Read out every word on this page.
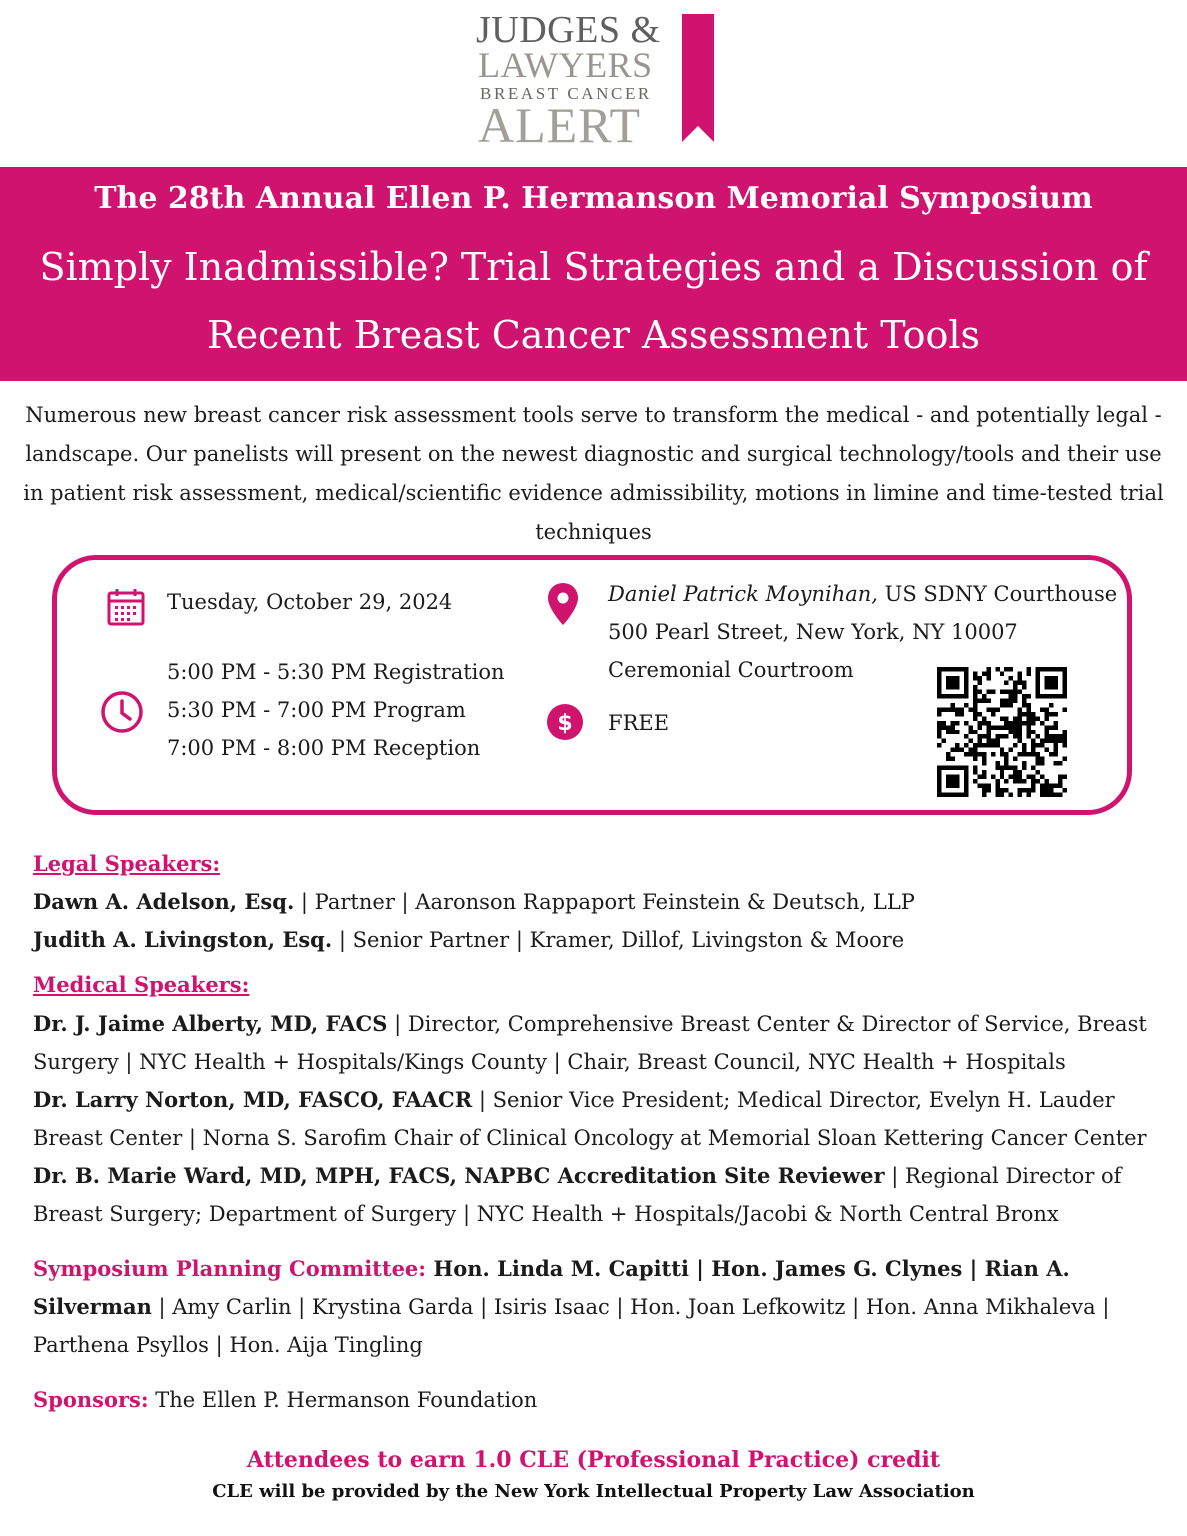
JUDGES &
LAWYERS
BREAST CANCER
ALERT
The 28th Annual Ellen P. Hermanson Memorial Symposium
Simply Inadmissible? Trial Strategies and a Discussion of
Recent Breast Cancer Assessment Tools
Numerous new breast cancer risk assessment tools serve to transform the medical - and potentially legal - landscape. Our panelists will present on the newest diagnostic and surgical technology/tools and their use in patient risk assessment, medical/scientific evidence admissibility, motions in limine and time-tested trial techniques
Tuesday, October 29, 2024
5:00 PM - 5:30 PM Registration
5:30 PM - 7:00 PM Program
7:00 PM - 8:00 PM Reception
Daniel Patrick Moynihan, US SDNY Courthouse
500 Pearl Street, New York, NY 10007
Ceremonial Courtroom
$ FREE
Legal Speakers:
Dawn A. Adelson, Esq. | Partner | Aaronson Rappaport Feinstein & Deutsch, LLP
Judith A. Livingston, Esq. | Senior Partner | Kramer, Dillof, Livingston & Moore
Medical Speakers:
Dr. J. Jaime Alberty, MD, FACS | Director, Comprehensive Breast Center & Director of Service, Breast Surgery | NYC Health + Hospitals/Kings County | Chair, Breast Council, NYC Health + Hospitals
Dr. Larry Norton, MD, FASCO, FAACR | Senior Vice President; Medical Director, Evelyn H. Lauder Breast Center | Norna S. Sarofim Chair of Clinical Oncology at Memorial Sloan Kettering Cancer Center
Dr. B. Marie Ward, MD, MPH, FACS, NAPBC Accreditation Site Reviewer | Regional Director of Breast Surgery; Department of Surgery | NYC Health + Hospitals/Jacobi & North Central Bronx
Symposium Planning Committee: Hon. Linda M. Capitti | Hon. James G. Clynes | Rian A. Silverman | Amy Carlin | Krystina Garda | Isiris Isaac | Hon. Joan Lefkowitz | Hon. Anna Mikhaleva | Parthena Psyllos | Hon. Aija Tingling
Sponsors: The Ellen P. Hermanson Foundation
Attendees to earn 1.0 CLE (Professional Practice) credit
CLE will be provided by the New York Intellectual Property Law Association
